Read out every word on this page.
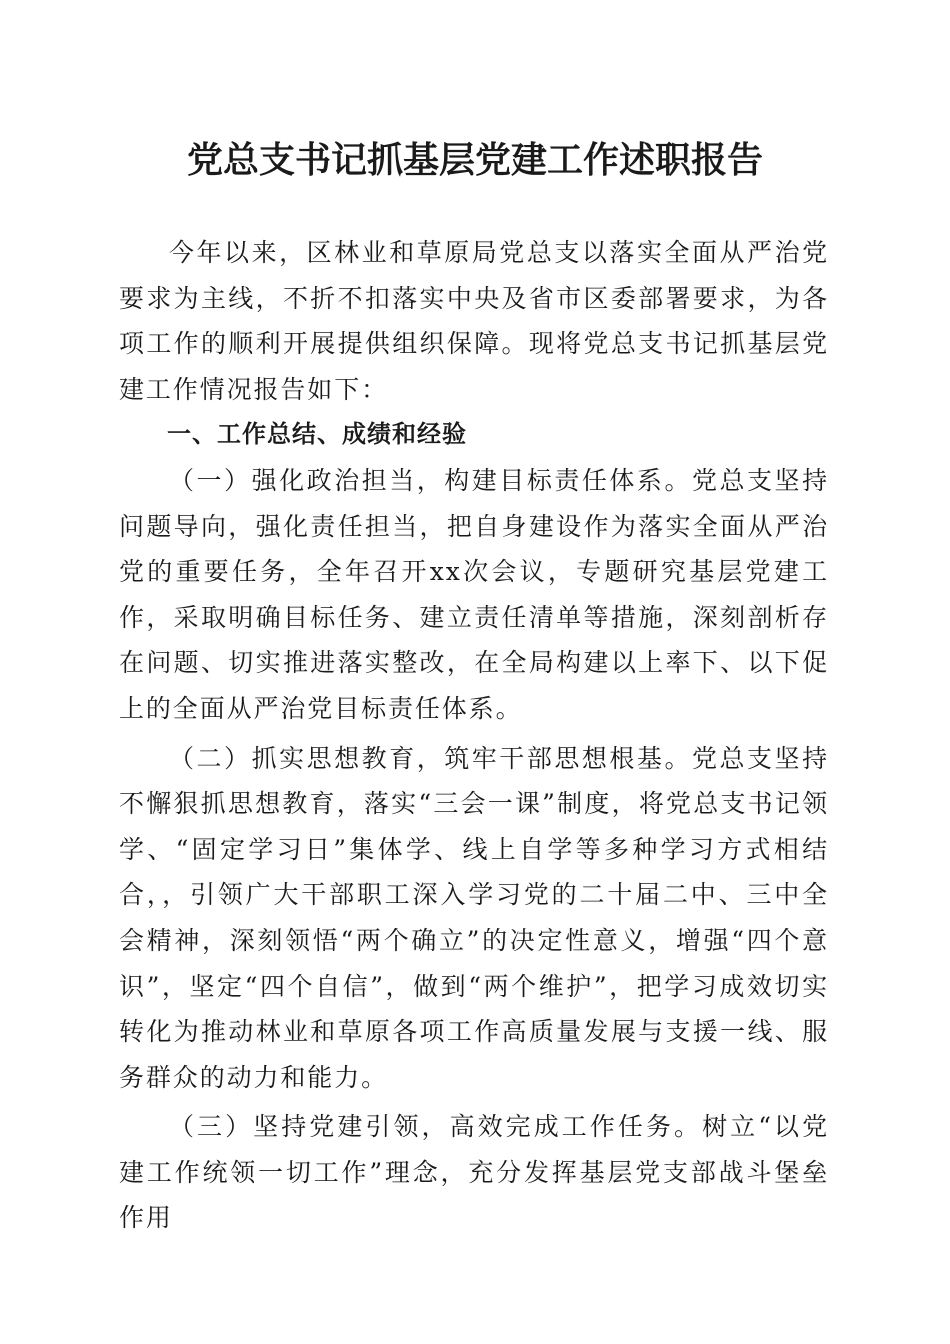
党总支书记抓基层党建工作述职报告

今年以来，区林业和草原局党总支以落实全面从严治党要求为主线，不折不扣落实中央及省市区委部署要求，为各项工作的顺利开展提供组织保障。现将党总支书记抓基层党建工作情况报告如下：

一、工作总结、成绩和经验

（一）强化政治担当，构建目标责任体系。党总支坚持问题导向，强化责任担当，把自身建设作为落实全面从严治党的重要任务，全年召开xx次会议，专题研究基层党建工作，采取明确目标任务、建立责任清单等措施，深刻剖析存在问题、切实推进落实整改，在全局构建以上率下、以下促上的全面从严治党目标责任体系。

（二）抓实思想教育，筑牢干部思想根基。党总支坚持不懈狠抓思想教育，落实“三会一课”制度，将党总支书记领学、“固定学习日”集体学、线上自学等多种学习方式相结合，，引领广大干部职工深入学习党的二十届二中、三中全会精神，深刻领悟“两个确立”的决定性意义，增强“四个意识”，坚定“四个自信”，做到“两个维护”，把学习成效切实转化为推动林业和草原各项工作高质量发展与支援一线、服务群众的动力和能力。

（三）坚持党建引领，高效完成工作任务。树立“以党建工作统领一切工作”理念，充分发挥基层党支部战斗堡垒作用
